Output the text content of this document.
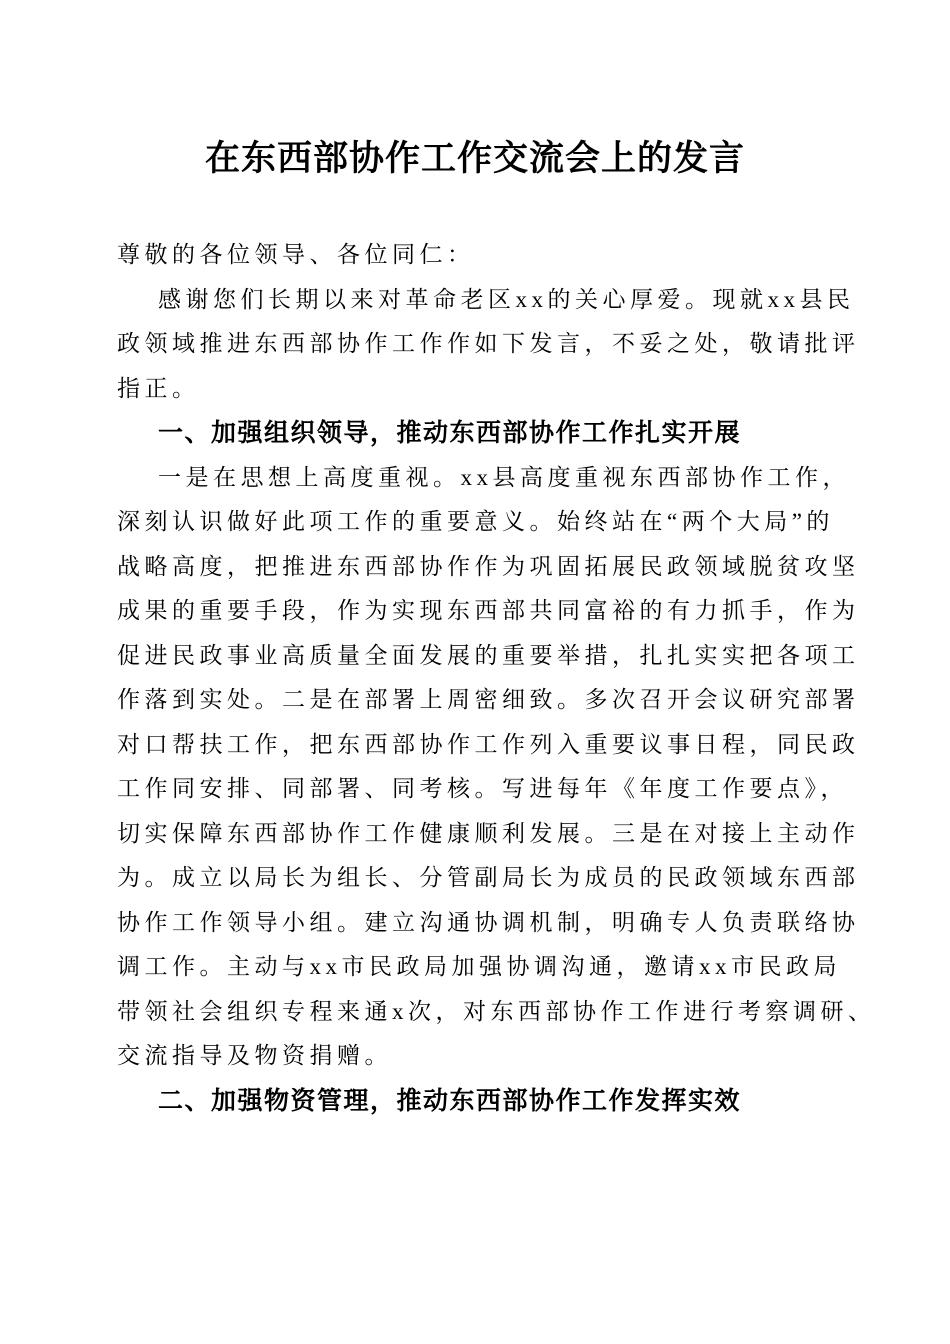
在东西部协作工作交流会上的发言
尊敬的各位领导、各位同仁：
感谢您们长期以来对革命老区xx的关心厚爱。现就xx县民
政领域推进东西部协作工作作如下发言，不妥之处，敬请批评
指正。
一、加强组织领导，推动东西部协作工作扎实开展
一是在思想上高度重视。xx县高度重视东西部协作工作，
深刻认识做好此项工作的重要意义。始终站在“两个大局”的
战略高度，把推进东西部协作作为巩固拓展民政领域脱贫攻坚
成果的重要手段，作为实现东西部共同富裕的有力抓手，作为
促进民政事业高质量全面发展的重要举措，扎扎实实把各项工
作落到实处。二是在部署上周密细致。多次召开会议研究部署
对口帮扶工作，把东西部协作工作列入重要议事日程，同民政
工作同安排、同部署、同考核。写进每年《年度工作要点》，
切实保障东西部协作工作健康顺利发展。三是在对接上主动作
为。成立以局长为组长、分管副局长为成员的民政领域东西部
协作工作领导小组。建立沟通协调机制，明确专人负责联络协
调工作。主动与xx市民政局加强协调沟通，邀请xx市民政局
带领社会组织专程来通x次，对东西部协作工作进行考察调研、
交流指导及物资捐赠。
二、加强物资管理，推动东西部协作工作发挥实效
